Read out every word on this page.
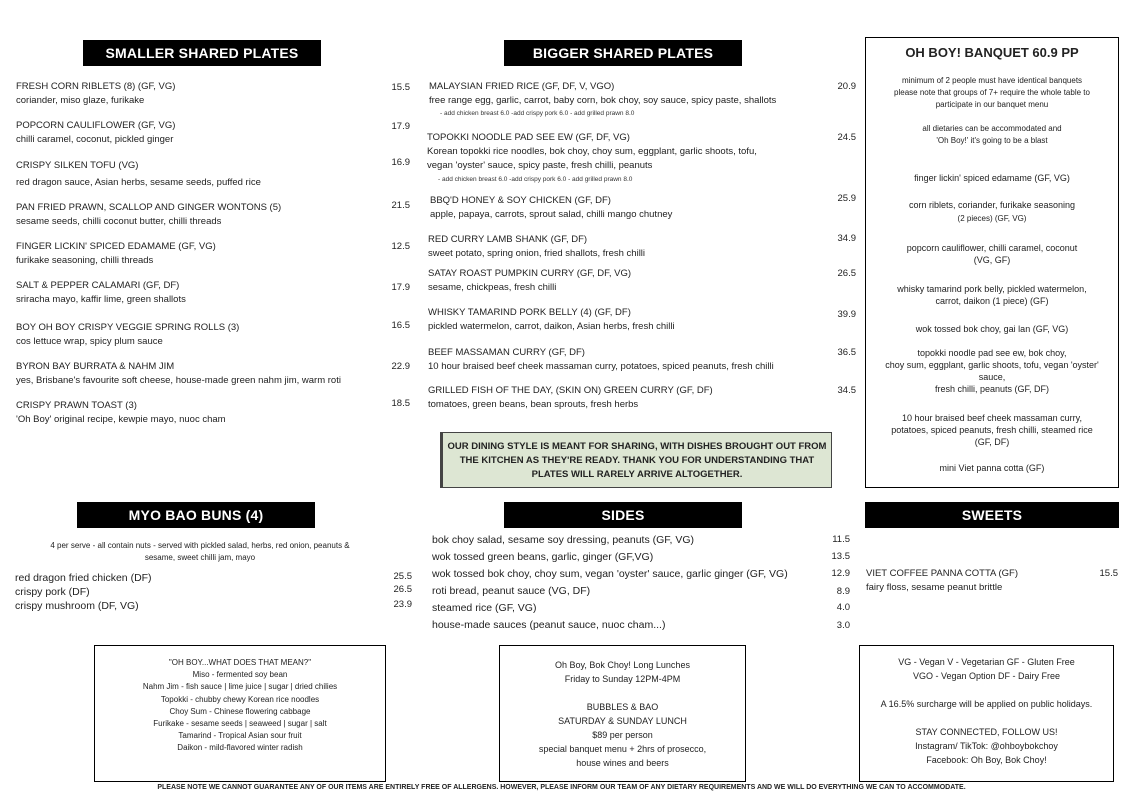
SMALLER SHARED PLATES
FRESH CORN RIBLETS (8) (GF, VG)
coriander, miso glaze, furikake
15.5
POPCORN CAULIFLOWER (GF, VG)
chilli caramel, coconut, pickled ginger
17.9
CRISPY SILKEN TOFU (VG)
red dragon sauce, Asian herbs, sesame seeds, puffed rice
16.9
PAN FRIED PRAWN, SCALLOP AND GINGER WONTONS (5)
sesame seeds, chilli coconut butter, chilli threads
21.5
FINGER LICKIN' SPICED EDAMAME (GF, VG)
furikake seasoning, chilli threads
12.5
SALT & PEPPER CALAMARI (GF, DF)
sriracha mayo, kaffir lime, green shallots
17.9
BOY OH BOY CRISPY VEGGIE SPRING ROLLS (3)
cos lettuce wrap, spicy plum sauce
16.5
BYRON BAY BURRATA & NAHM JIM
yes, Brisbane's favourite soft cheese, house-made green nahm jim, warm roti
22.9
CRISPY PRAWN TOAST (3)
'Oh Boy' original recipe, kewpie mayo, nuoc cham
18.5
BIGGER SHARED PLATES
MALAYSIAN FRIED RICE (GF, DF, V, VGO)
free range egg, garlic, carrot, baby corn, bok choy, soy sauce, spicy paste, shallots
- add chicken breast 6.0 -add crispy pork 6.0 - add grilled prawn 8.0
20.9
TOPOKKI NOODLE PAD SEE EW (GF, DF, VG)
Korean topokki rice noodles, bok choy, choy sum, eggplant, garlic shoots, tofu,
vegan 'oyster' sauce, spicy paste, fresh chilli, peanuts
- add chicken breast 6.0 -add crispy pork 6.0 - add grilled prawn 8.0
24.5
BBQ'D HONEY & SOY CHICKEN (GF, DF)
apple, papaya, carrots, sprout salad, chilli mango chutney
25.9
RED CURRY LAMB SHANK (GF, DF)
sweet potato, spring onion, fried shallots, fresh chilli
34.9
SATAY ROAST PUMPKIN CURRY (GF, DF, VG)
sesame, chickpeas, fresh chilli
26.5
WHISKY TAMARIND PORK BELLY (4) (GF, DF)
pickled watermelon, carrot, daikon, Asian herbs, fresh chilli
39.9
BEEF MASSAMAN CURRY (GF, DF)
10 hour braised beef cheek massaman curry, potatoes, spiced peanuts, fresh chilli
36.5
GRILLED FISH OF THE DAY, (SKIN ON) GREEN CURRY (GF, DF)
tomatoes, green beans, bean sprouts, fresh herbs
34.5
OUR DINING STYLE IS MEANT FOR SHARING, WITH DISHES BROUGHT OUT FROM
THE KITCHEN AS THEY'RE READY. THANK YOU FOR UNDERSTANDING THAT
PLATES WILL RARELY ARRIVE ALTOGETHER.
OH BOY! BANQUET 60.9 PP
minimum of 2 people must have identical banquets
please note that groups of 7+ require the whole table to
participate in our banquet menu
all dietaries can be accommodated and
'Oh Boy!' it's going to be a blast
finger lickin' spiced edamame (GF, VG)
corn riblets, coriander, furikake seasoning
(2 pieces) (GF, VG)
popcorn cauliflower, chilli caramel, coconut
(VG, GF)
whisky tamarind pork belly, pickled watermelon,
carrot, daikon (1 piece) (GF)
wok tossed bok choy, gai lan (GF, VG)
topokki noodle pad see ew, bok choy,
choy sum, eggplant, garlic shoots, tofu, vegan 'oyster'
sauce,
fresh chilli, peanuts (GF, DF)
10 hour braised beef cheek massaman curry,
potatoes, spiced peanuts, fresh chilli, steamed rice
(GF, DF)
mini Viet panna cotta (GF)
MYO BAO BUNS (4)
4 per serve - all contain nuts - served with pickled salad, herbs, red onion, peanuts &
sesame, sweet chilli jam, mayo
red dragon fried chicken (DF)	25.5
crispy pork (DF)	26.5
crispy mushroom (DF, VG)	23.9
SIDES
bok choy salad, sesame soy dressing, peanuts (GF, VG)	11.5
wok tossed green beans, garlic, ginger (GF,VG)	13.5
wok tossed bok choy, choy sum, vegan 'oyster' sauce, garlic ginger (GF, VG)	12.9
roti bread, peanut sauce (VG, DF)	8.9
steamed rice (GF, VG)	4.0
house-made sauces (peanut sauce, nuoc cham...)	3.0
SWEETS
VIET COFFEE PANNA COTTA (GF)
fairy floss, sesame peanut brittle
15.5
"OH BOY...WHAT DOES THAT MEAN?"
Miso - fermented soy bean
Nahm Jim - fish sauce | lime juice | sugar | dried chilies
Topokki - chubby chewy Korean rice noodles
Choy Sum - Chinese flowering cabbage
Furikake - sesame seeds | seaweed | sugar | salt
Tamarind - Tropical Asian sour fruit
Daikon - mild-flavored winter radish
Oh Boy, Bok Choy! Long Lunches
Friday to Sunday 12PM-4PM
BUBBLES & BAO
SATURDAY & SUNDAY LUNCH
$89 per person
special banquet menu + 2hrs of prosecco,
house wines and beers
VG - Vegan V - Vegetarian GF - Gluten Free
VGO - Vegan Option DF - Dairy Free
A 16.5% surcharge will be applied on public holidays.
STAY CONNECTED, FOLLOW US!
Instagram/ TikTok: @ohboybokchoy
Facebook: Oh Boy, Bok Choy!
PLEASE NOTE WE CANNOT GUARANTEE ANY OF OUR ITEMS ARE ENTIRELY FREE OF ALLERGENS. HOWEVER, PLEASE INFORM OUR TEAM OF ANY DIETARY REQUIREMENTS AND WE WILL DO EVERYTHING WE CAN TO ACCOMMODATE.
